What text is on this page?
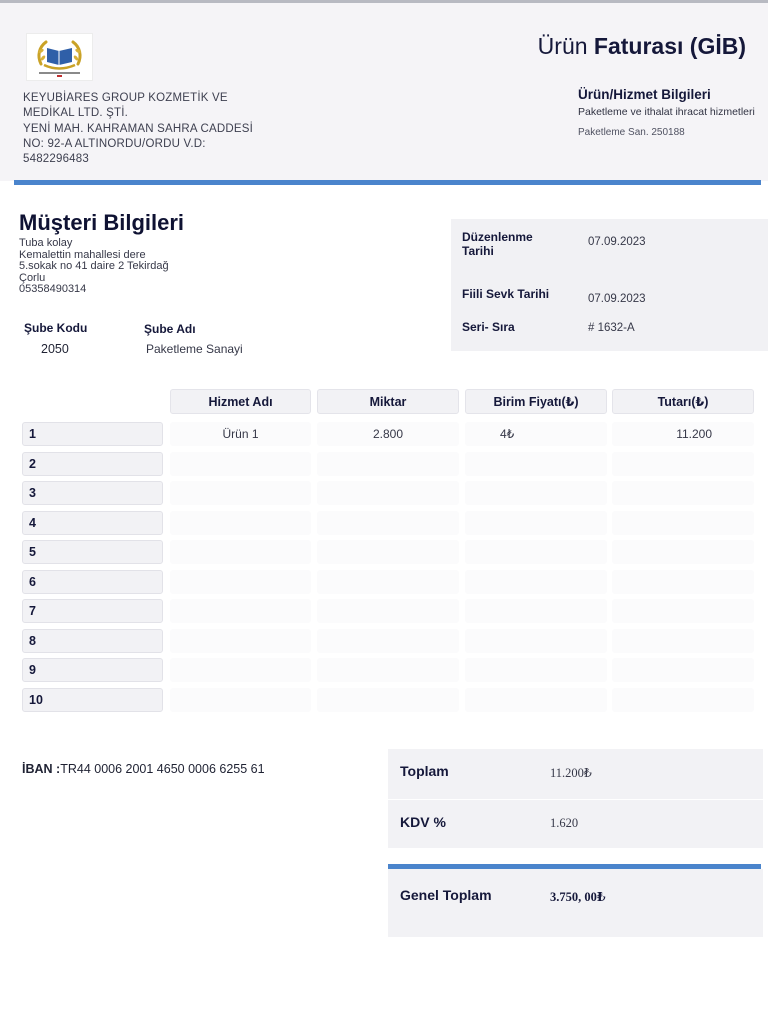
KEYUBİARES GROUP KOZMETİK VE
MEDİKAL LTD. ŞTİ.
YENİ MAH. KAHRAMAN SAHRA CADDESİ
NO: 92-A ALTINORDU/ORDU V.D:
5482296483
Ürün Faturası (GİB)
Ürün/Hizmet Bilgileri
Paketleme ve ithalat ihracat hizmetleri
Paketleme San. 250188
Müşteri Bilgileri
Tuba kolay
Kemalettin mahallesi dere
5.sokak no 41 daire 2 Tekirdağ
Çorlu
05358490314
Şube Kodu
2050
Şube Adı
Paketleme Sanayi
Düzenlenme Tarihi
07.09.2023
Fiili Sevk Tarihi	07.09.2023
Seri- Sıra	# 1632-A
Hizmet Adı	Miktar	Birim Fiyatı(₺)	Tutarı(₺)
1	Ürün 1	2.800	4₺	11.200
2
3
4
5
6
7
8
9
10
İBAN :TR44 0006 2001 4650 0006 6255 61	Toplam	11.200₺
KDV %	1.620
Genel Toplam	3.750, 00₺
